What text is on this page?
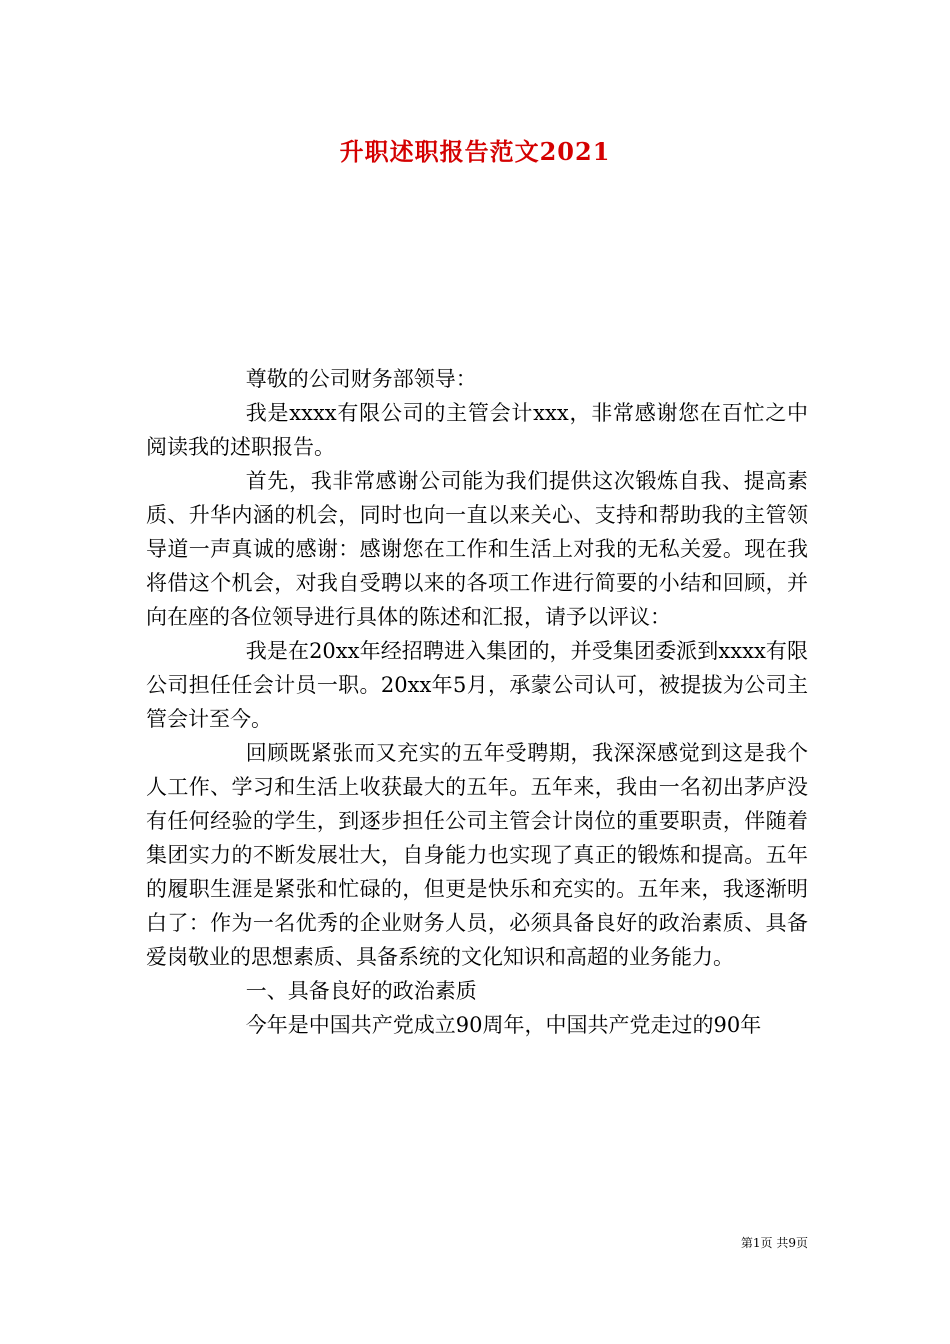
升职述职报告范文2021

尊敬的公司财务部领导：

我是xxxx有限公司的主管会计xxx，非常感谢您在百忙之中阅读我的述职报告。

首先，我非常感谢公司能为我们提供这次锻炼自我、提高素质、升华内涵的机会，同时也向一直以来关心、支持和帮助我的主管领导道一声真诚的感谢：感谢您在工作和生活上对我的无私关爱。现在我将借这个机会，对我自受聘以来的各项工作进行简要的小结和回顾，并向在座的各位领导进行具体的陈述和汇报，请予以评议：

我是在20xx年经招聘进入集团的，并受集团委派到xxxx有限公司担任任会计员一职。20xx年5月，承蒙公司认可，被提拔为公司主管会计至今。

回顾既紧张而又充实的五年受聘期，我深深感觉到这是我个人工作、学习和生活上收获最大的五年。五年来，我由一名初出茅庐没有任何经验的学生，到逐步担任公司主管会计岗位的重要职责，伴随着集团实力的不断发展壮大，自身能力也实现了真正的锻炼和提高。五年的履职生涯是紧张和忙碌的，但更是快乐和充实的。五年来，我逐渐明白了：作为一名优秀的企业财务人员，必须具备良好的政治素质、具备爱岗敬业的思想素质、具备系统的文化知识和高超的业务能力。

一、具备良好的政治素质

今年是中国共产党成立90周年，中国共产党走过的90年

第1页 共9页
